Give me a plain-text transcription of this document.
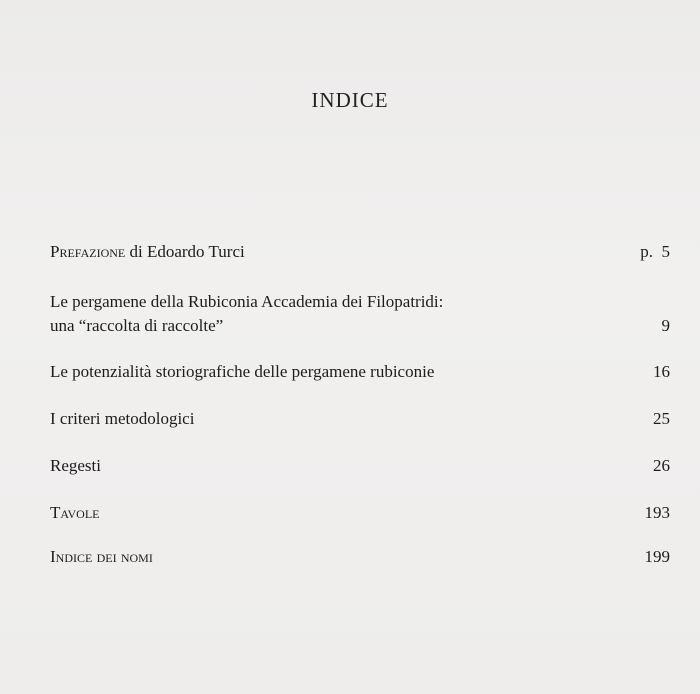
INDICE
Prefazione di Edoardo Turci	p.  5
Le pergamene della Rubiconia Accademia dei Filopatridi:
una “raccolta di raccolte”	9
Le potenzialità storiografiche delle pergamene rubiconie	16
I criteri metodologici	25
Regesti	26
Tavole	193
Indice dei nomi	199
